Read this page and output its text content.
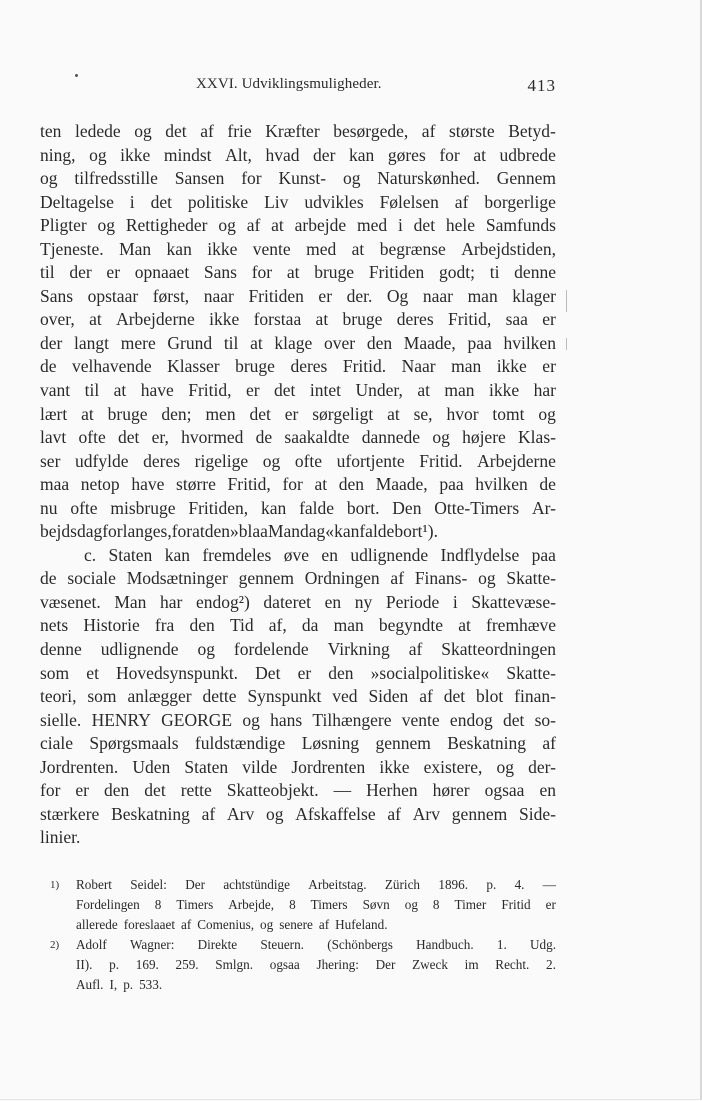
XXVI. Udviklingsmuligheder.	413
ten ledede og det af frie Kræfter besørgede, af største Betyd-
ning, og ikke mindst Alt, hvad der kan gøres for at udbrede
og tilfredsstille Sansen for Kunst- og Naturskønhed. Gennem
Deltagelse i det politiske Liv udvikles Følelsen af borgerlige
Pligter og Rettigheder og af at arbejde med i det hele Samfunds
Tjeneste. Man kan ikke vente med at begrænse Arbejdstiden,
til der er opnaaet Sans for at bruge Fritiden godt; ti denne
Sans opstaar først, naar Fritiden er der. Og naar man klager
over, at Arbejderne ikke forstaa at bruge deres Fritid, saa er
der langt mere Grund til at klage over den Maade, paa hvilken
de velhavende Klasser bruge deres Fritid. Naar man ikke er
vant til at have Fritid, er det intet Under, at man ikke har
lært at bruge den; men det er sørgeligt at se, hvor tomt og
lavt ofte det er, hvormed de saakaldte dannede og højere Klas-
ser udfylde deres rigelige og ofte ufortjente Fritid. Arbejderne
maa netop have større Fritid, for at den Maade, paa hvilken de
nu ofte misbruge Fritiden, kan falde bort. Den Otte-Timers Ar-
bejdsdag forlanges, for at den »blaa Mandag« kan falde bort¹).
c. Staten kan fremdeles øve en udlignende Indflydelse paa
de sociale Modsætninger gennem Ordningen af Finans- og Skatte-
væsenet. Man har endog²) dateret en ny Periode i Skattevæse-
nets Historie fra den Tid af, da man begyndte at fremhæve
denne udlignende og fordelende Virkning af Skatteordningen
som et Hovedsynspunkt. Det er den »socialpolitiske« Skatte-
teori, som anlægger dette Synspunkt ved Siden af det blot finan-
sielle. HENRY GEORGE og hans Tilhængere vente endog det so-
ciale Spørgsmaals fuldstændige Løsning gennem Beskatning af
Jordrenten. Uden Staten vilde Jordrenten ikke existere, og der-
for er den det rette Skatteobjekt. — Herhen hører ogsaa en
stærkere Beskatning af Arv og Afskaffelse af Arv gennem Side-
linier.
1) Robert Seidel: Der achtstündige Arbeitstag. Zürich 1896. p. 4. —
Fordelingen 8 Timers Arbejde, 8 Timers Søvn og 8 Timer Fritid er
allerede foreslaaet af Comenius, og senere af Hufeland.
2) Adolf Wagner: Direkte Steuern. (Schönbergs Handbuch. 1. Udg.
II). p. 169. 259. Smlgn. ogsaa Jhering: Der Zweck im Recht. 2.
Aufl. I, p. 533.
